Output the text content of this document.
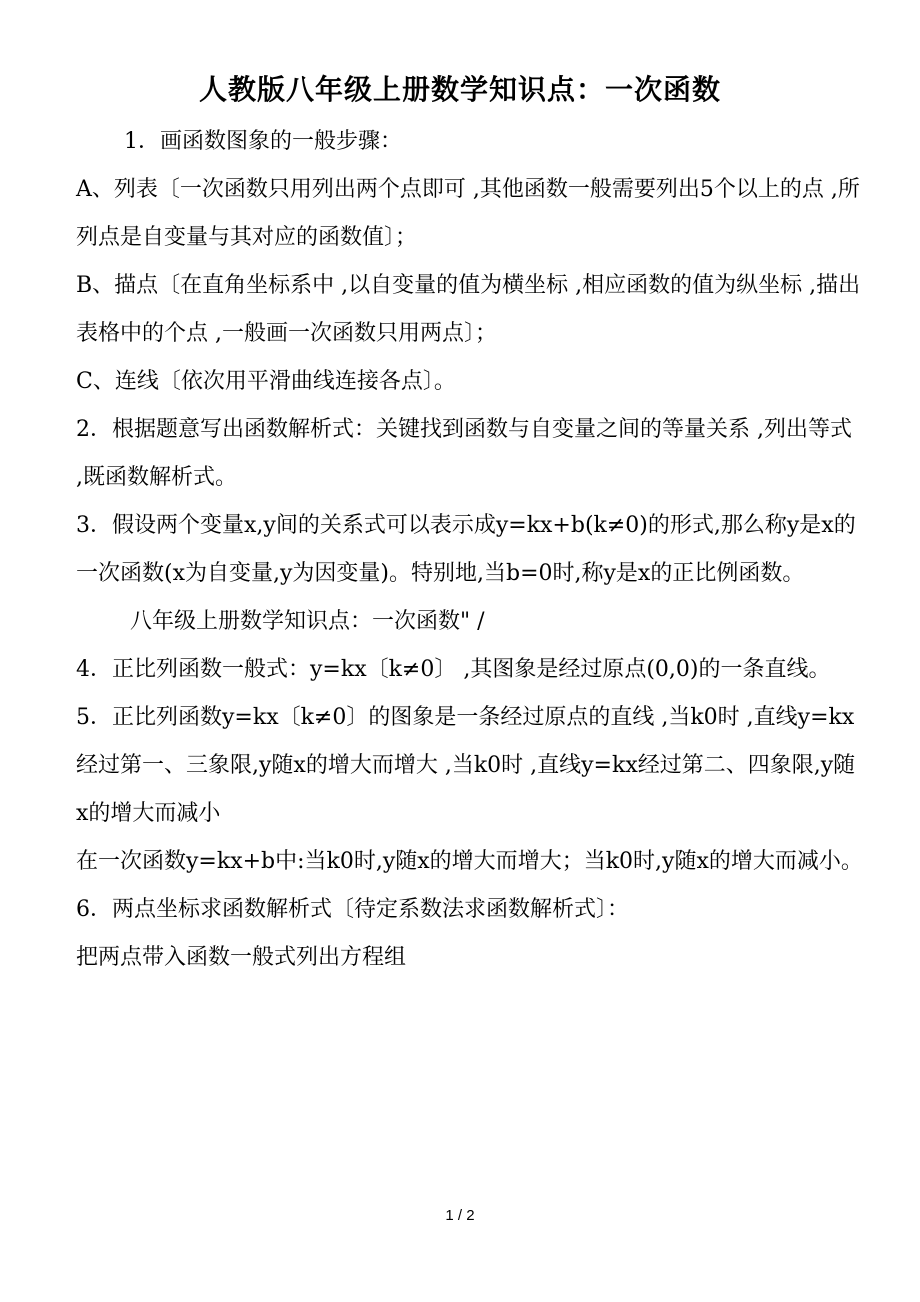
人教版八年级上册数学知识点：一次函数

1．画函数图象的一般步骤：

A、列表〔一次函数只用列出两个点即可 ,其他函数一般需要列出5个以上的点 ,所列点是自变量与其对应的函数值〕；

B、描点〔在直角坐标系中 ,以自变量的值为横坐标 ,相应函数的值为纵坐标 ,描出表格中的个点 ,一般画一次函数只用两点〕；

C、连线〔依次用平滑曲线连接各点〕。

2．根据题意写出函数解析式：关键找到函数与自变量之间的等量关系 ,列出等式 ,既函数解析式。

3．假设两个变量x,y间的关系式可以表示成y=kx+b(k≠0)的形式,那么称y是x的一次函数(x为自变量,y为因变量)。特别地,当b=0时,称y是x的正比例函数。

八年级上册数学知识点：一次函数" /

4．正比列函数一般式：y=kx〔k≠0〕 ,其图象是经过原点(0,0)的一条直线。

5．正比列函数y=kx〔k≠0〕的图象是一条经过原点的直线 ,当k0时 ,直线y=kx经过第一、三象限,y随x的增大而增大 ,当k0时 ,直线y=kx经过第二、四象限,y随x的增大而减小

在一次函数y=kx+b中:当k0时,y随x的增大而增大；当k0时,y随x的增大而减小。

6．两点坐标求函数解析式〔待定系数法求函数解析式〕：

把两点带入函数一般式列出方程组

1 / 2
